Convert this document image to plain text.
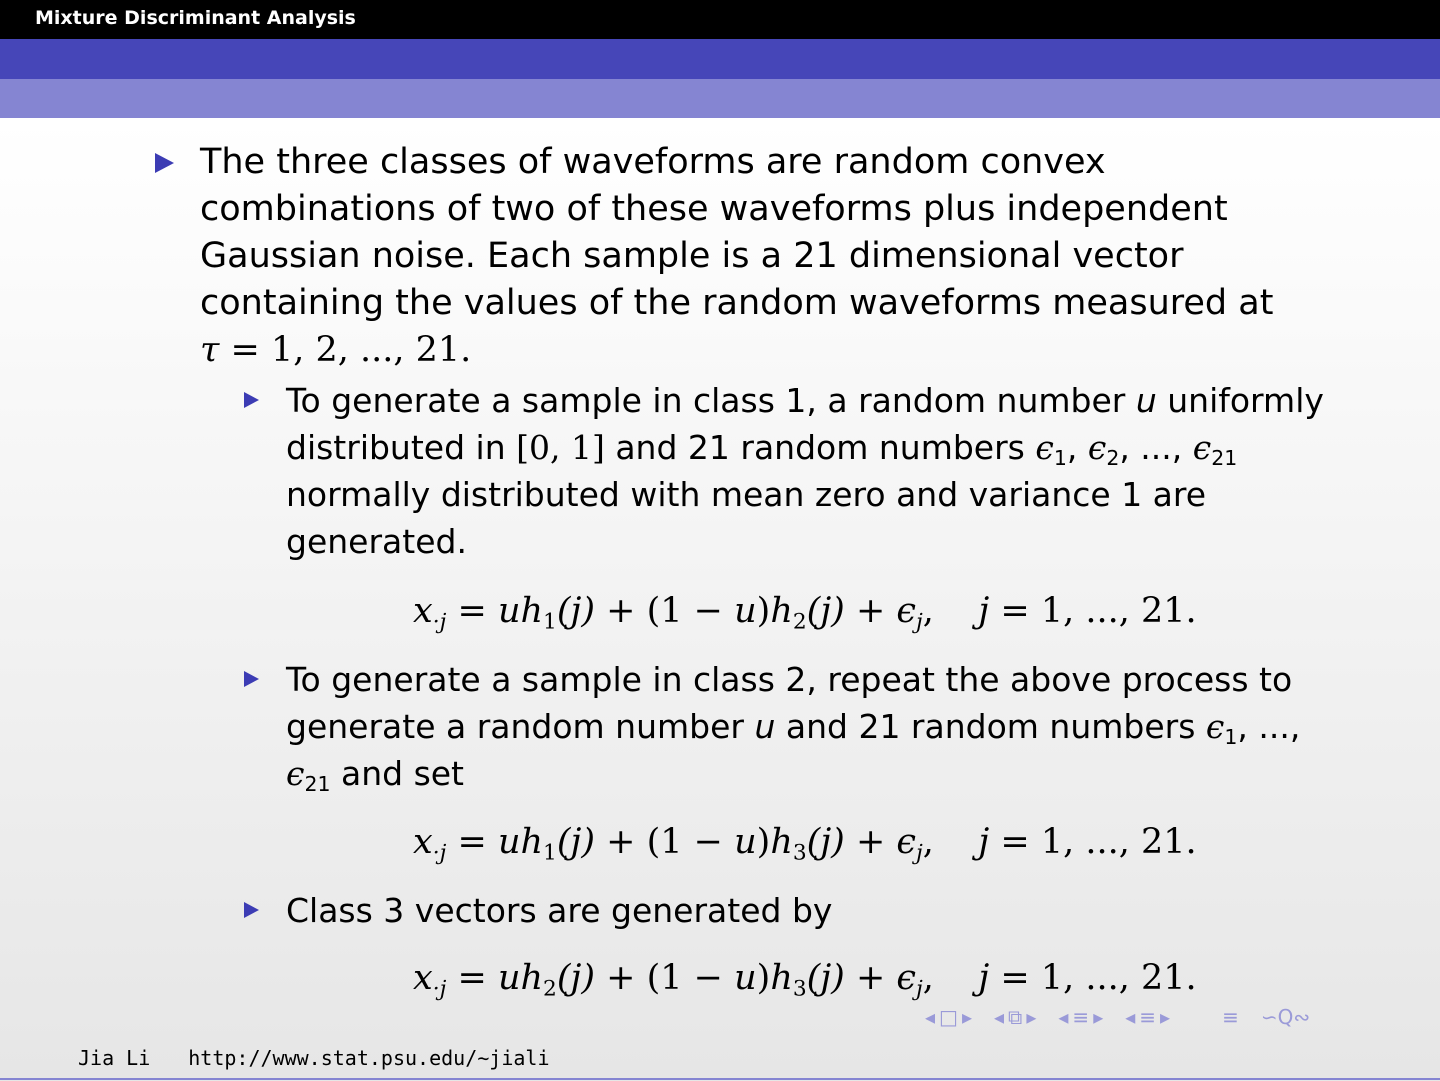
Mixture Discriminant Analysis
The three classes of waveforms are random convex
combinations of two of these waveforms plus independent
Gaussian noise. Each sample is a 21 dimensional vector
containing the values of the random waveforms measured at
τ = 1, 2, ..., 21.
To generate a sample in class 1, a random number u uniformly
distributed in [0, 1] and 21 random numbers $\epsilon_1$, $\epsilon_2$, ..., $\epsilon_{21}$
normally distributed with mean zero and variance 1 are
generated.
$x_{\cdot j} = uh_1(j) + (1 - u)h_2(j) + \epsilon_j$,    j = 1, ..., 21.
To generate a sample in class 2, repeat the above process to
generate a random number u and 21 random numbers $\epsilon_1$, ...,
$\epsilon_{21}$ and set
$x_{\cdot j} = uh_1(j) + (1 - u)h_3(j) + \epsilon_j$,    j = 1, ..., 21.
Class 3 vectors are generated by
$x_{\cdot j} = uh_2(j) + (1 - u)h_3(j) + \epsilon_j$,    j = 1, ..., 21.
◂ □ ▸ ◂ ⧉ ▸ ◂ ≡ ▸ ◂ ≡ ▸	≡ ∽Q∾
Jia Li http://www.stat.psu.edu/∼jiali
